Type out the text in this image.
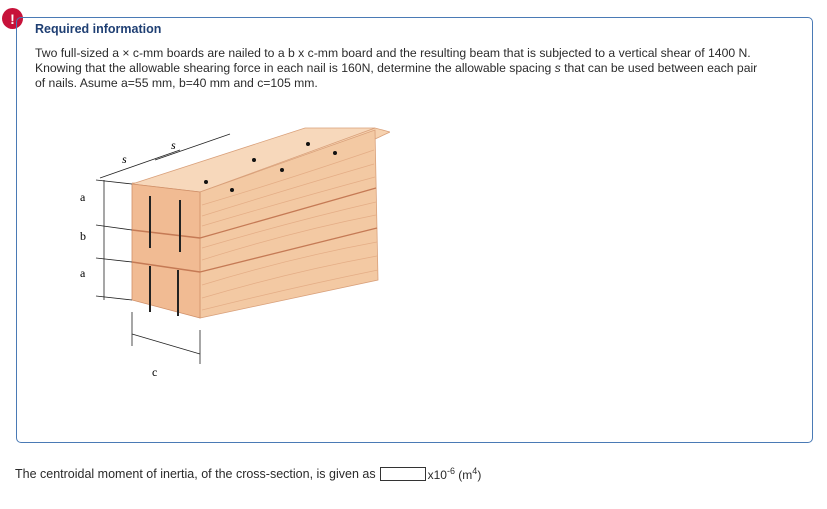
!
Required information
Two full-sized a × c-mm boards are nailed to a b x c-mm board and the resulting beam that is subjected to a vertical shear of 1400 N. Knowing that the allowable shearing force in each nail is 160N, determine the allowable spacing s that can be used between each pair of nails. Asume a=55 mm, b=40 mm and c=105 mm.
a
b
a
s
s
c
The centroidal moment of inertia, of the cross-section, is given as	$x10^{-6}$ $(m^4)$
